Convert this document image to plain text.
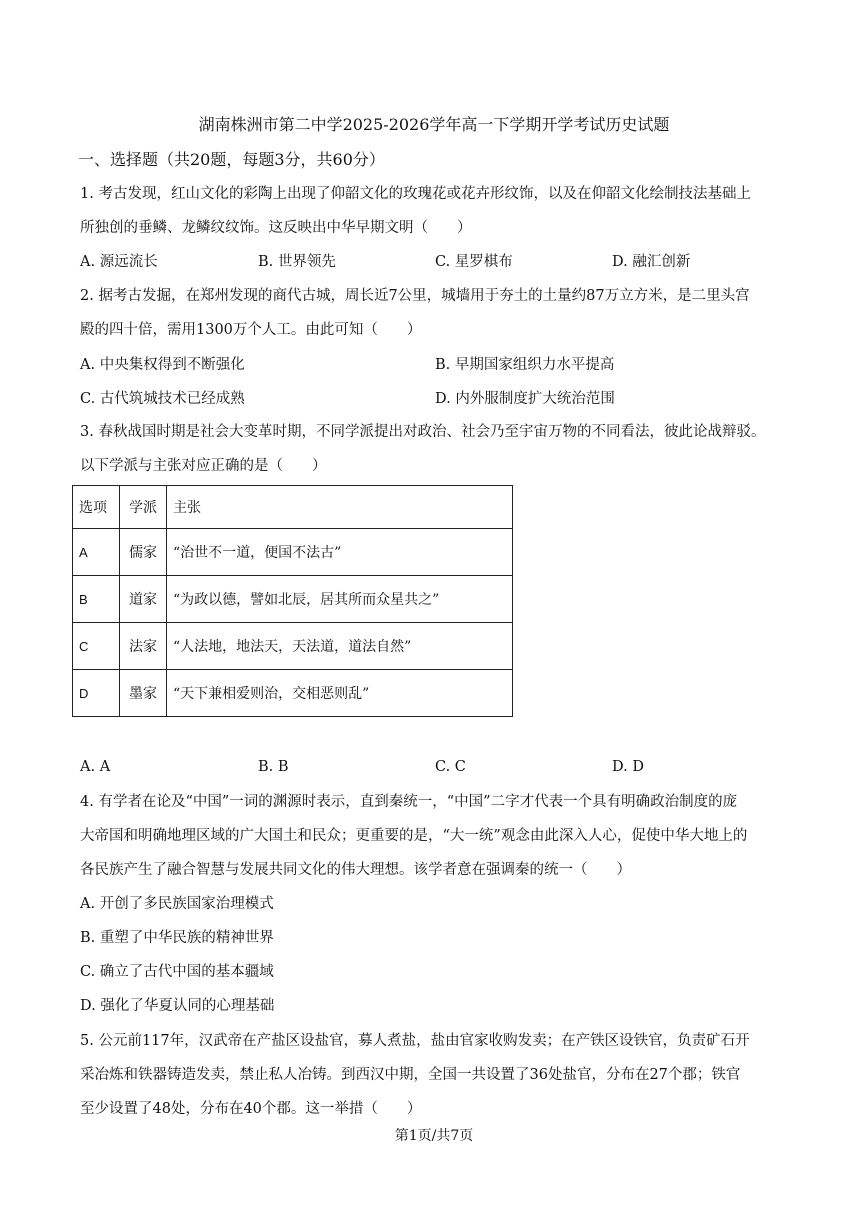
湖南株洲市第二中学2025-2026学年高一下学期开学考试历史试题
一、选择题（共20题，每题3分，共60分）
1. 考古发现，红山文化的彩陶上出现了仰韶文化的玫瑰花或花卉形纹饰，以及在仰韶文化绘制技法基础上
所独创的垂鳞、龙鳞纹纹饰。这反映出中华早期文明（　　）
A. 源远流长	B. 世界领先	C. 星罗棋布	D. 融汇创新
2. 据考古发掘，在郑州发现的商代古城，周长近7公里，城墙用于夯土的土量约87万立方米，是二里头宫
殿的四十倍，需用1300万个人工。由此可知（　　）
A. 中央集权得到不断强化	B. 早期国家组织力水平提高
C. 古代筑城技术已经成熟	D. 内外服制度扩大统治范围
3. 春秋战国时期是社会大变革时期，不同学派提出对政治、社会乃至宇宙万物的不同看法，彼此论战辩驳。
以下学派与主张对应正确的是（　　）
选项	学派	主张
A	儒家	“治世不一道，便国不法古”
B	道家	“为政以德，譬如北辰，居其所而众星共之”
C	法家	“人法地，地法天，天法道，道法自然”
D	墨家	“天下兼相爱则治，交相恶则乱”
A. A	B. B	C. C	D. D
4. 有学者在论及“中国”一词的渊源时表示，直到秦统一，“中国”二字才代表一个具有明确政治制度的庞
大帝国和明确地理区域的广大国土和民众；更重要的是，“大一统”观念由此深入人心，促使中华大地上的
各民族产生了融合智慧与发展共同文化的伟大理想。该学者意在强调秦的统一（　　）
A. 开创了多民族国家治理模式
B. 重塑了中华民族的精神世界
C. 确立了古代中国的基本疆域
D. 强化了华夏认同的心理基础
5. 公元前117年，汉武帝在产盐区设盐官，募人煮盐，盐由官家收购发卖；在产铁区设铁官，负责矿石开
采冶炼和铁器铸造发卖，禁止私人冶铸。到西汉中期，全国一共设置了36处盐官，分布在27个郡；铁官
至少设置了48处，分布在40个郡。这一举措（　　）
第1页/共7页
